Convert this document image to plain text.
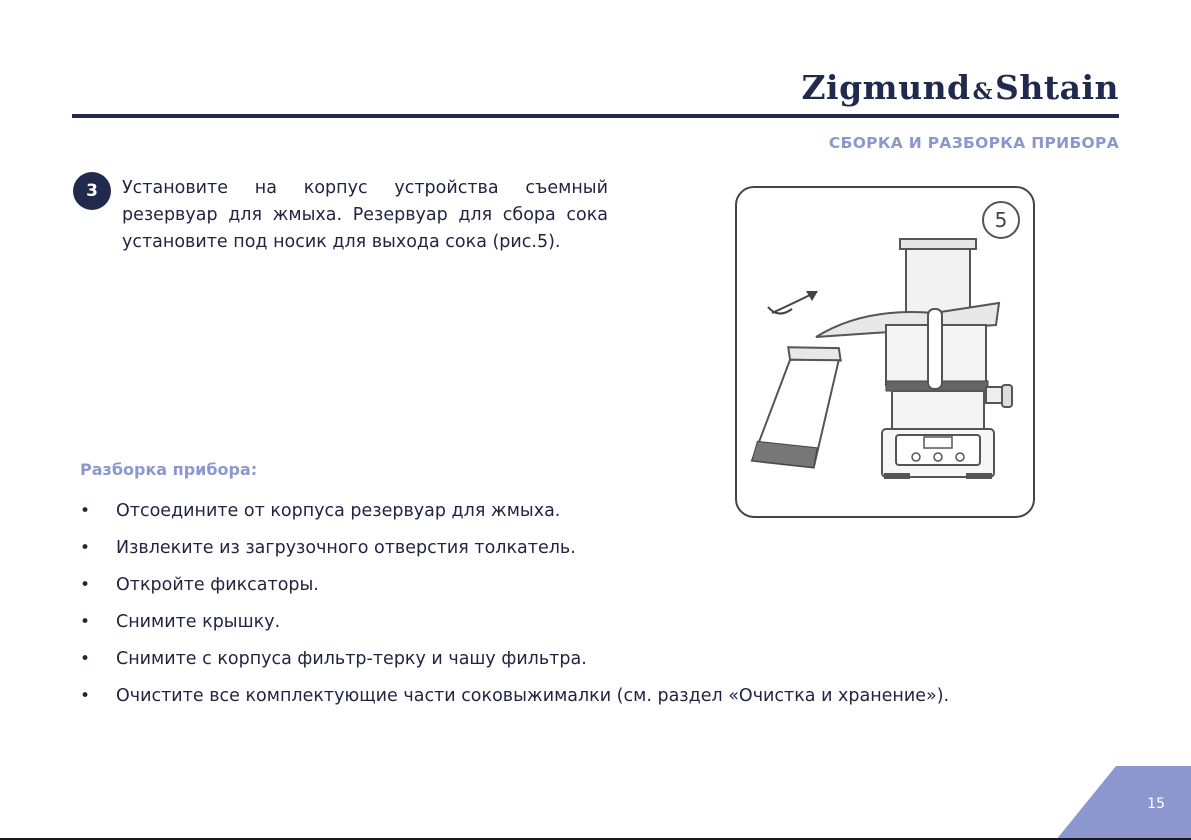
Zigmund&Shtain
СБОРКА И РАЗБОРКА ПРИБОРА
3	Установите на корпус устройства съемный резервуар для жмыха. Резервуар для сбора сока установите под носик для выхода сока (рис.5).
5
Разборка прибора:
• Отсоедините от корпуса резервуар для жмыха.
• Извлеките из загрузочного отверстия толкатель.
• Откройте фиксаторы.
• Снимите крышку.
• Снимите с корпуса фильтр-терку и чашу фильтра.
• Очистите все комплектующие части соковыжималки (см. раздел «Очистка и хранение»).
15
